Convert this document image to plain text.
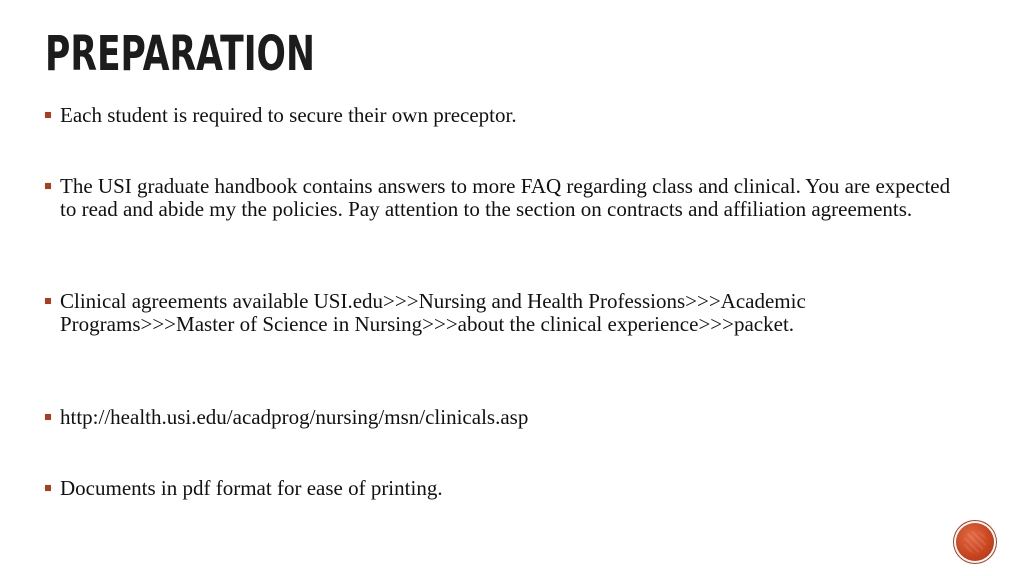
PREPARATION
Each student is required to secure their own preceptor.
The USI graduate handbook contains answers to more FAQ regarding class and clinical. You are expected to read and abide my the policies. Pay attention to the section on contracts and affiliation agreements.
Clinical agreements available USI.edu>>>Nursing and Health Professions>>>Academic Programs>>>Master of Science in Nursing>>>about the clinical experience>>>packet.
http://health.usi.edu/acadprog/nursing/msn/clinicals.asp
Documents in pdf format for ease of printing.
